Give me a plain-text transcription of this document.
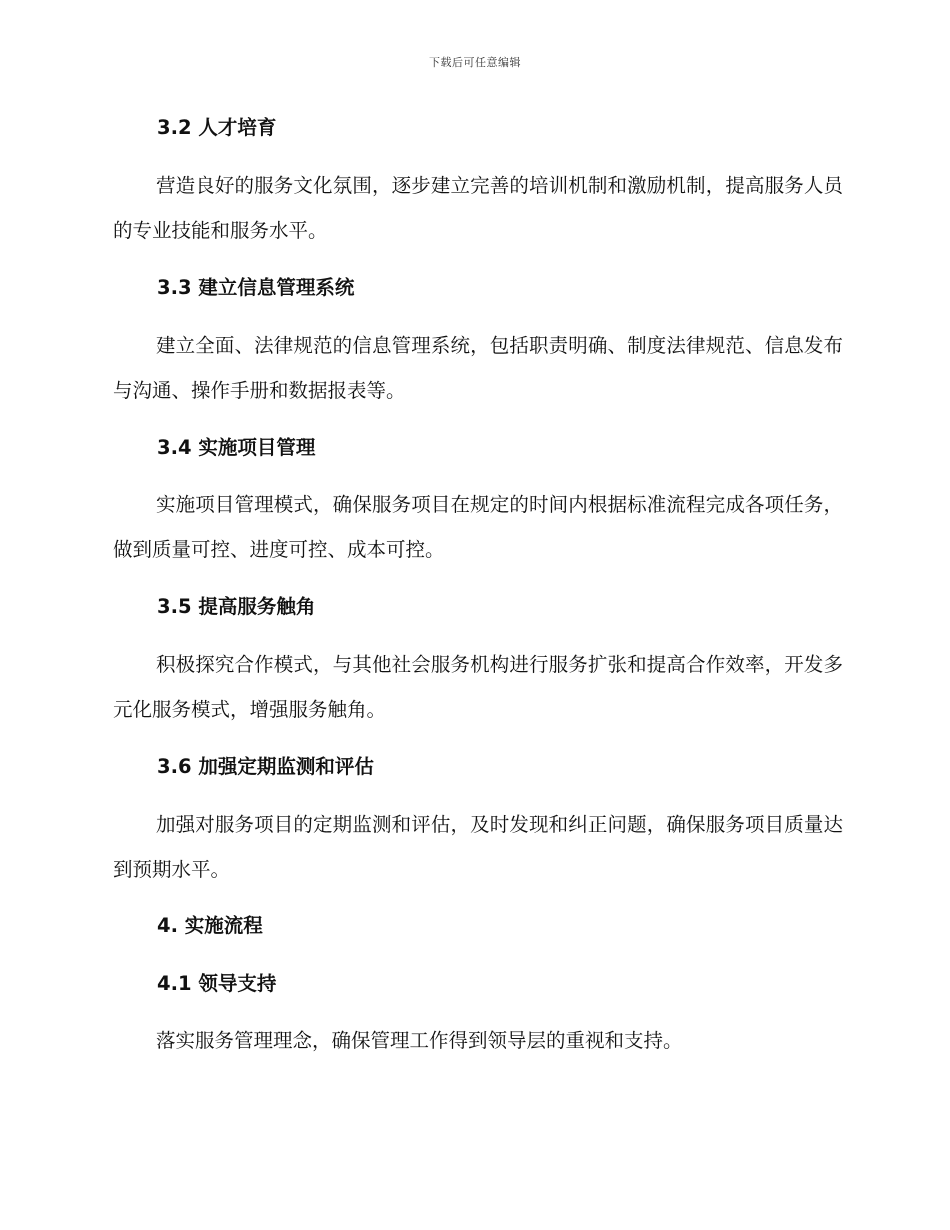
下载后可任意编辑
3.2 人才培育
营造良好的服务文化氛围，逐步建立完善的培训机制和激励机制，提高服务人员的专业技能和服务水平。
3.3 建立信息管理系统
建立全面、法律规范的信息管理系统，包括职责明确、制度法律规范、信息发布与沟通、操作手册和数据报表等。
3.4 实施项目管理
实施项目管理模式，确保服务项目在规定的时间内根据标准流程完成各项任务，做到质量可控、进度可控、成本可控。
3.5 提高服务触角
积极探究合作模式，与其他社会服务机构进行服务扩张和提高合作效率，开发多元化服务模式，增强服务触角。
3.6 加强定期监测和评估
加强对服务项目的定期监测和评估，及时发现和纠正问题，确保服务项目质量达到预期水平。
4. 实施流程
4.1 领导支持
落实服务管理理念，确保管理工作得到领导层的重视和支持。
